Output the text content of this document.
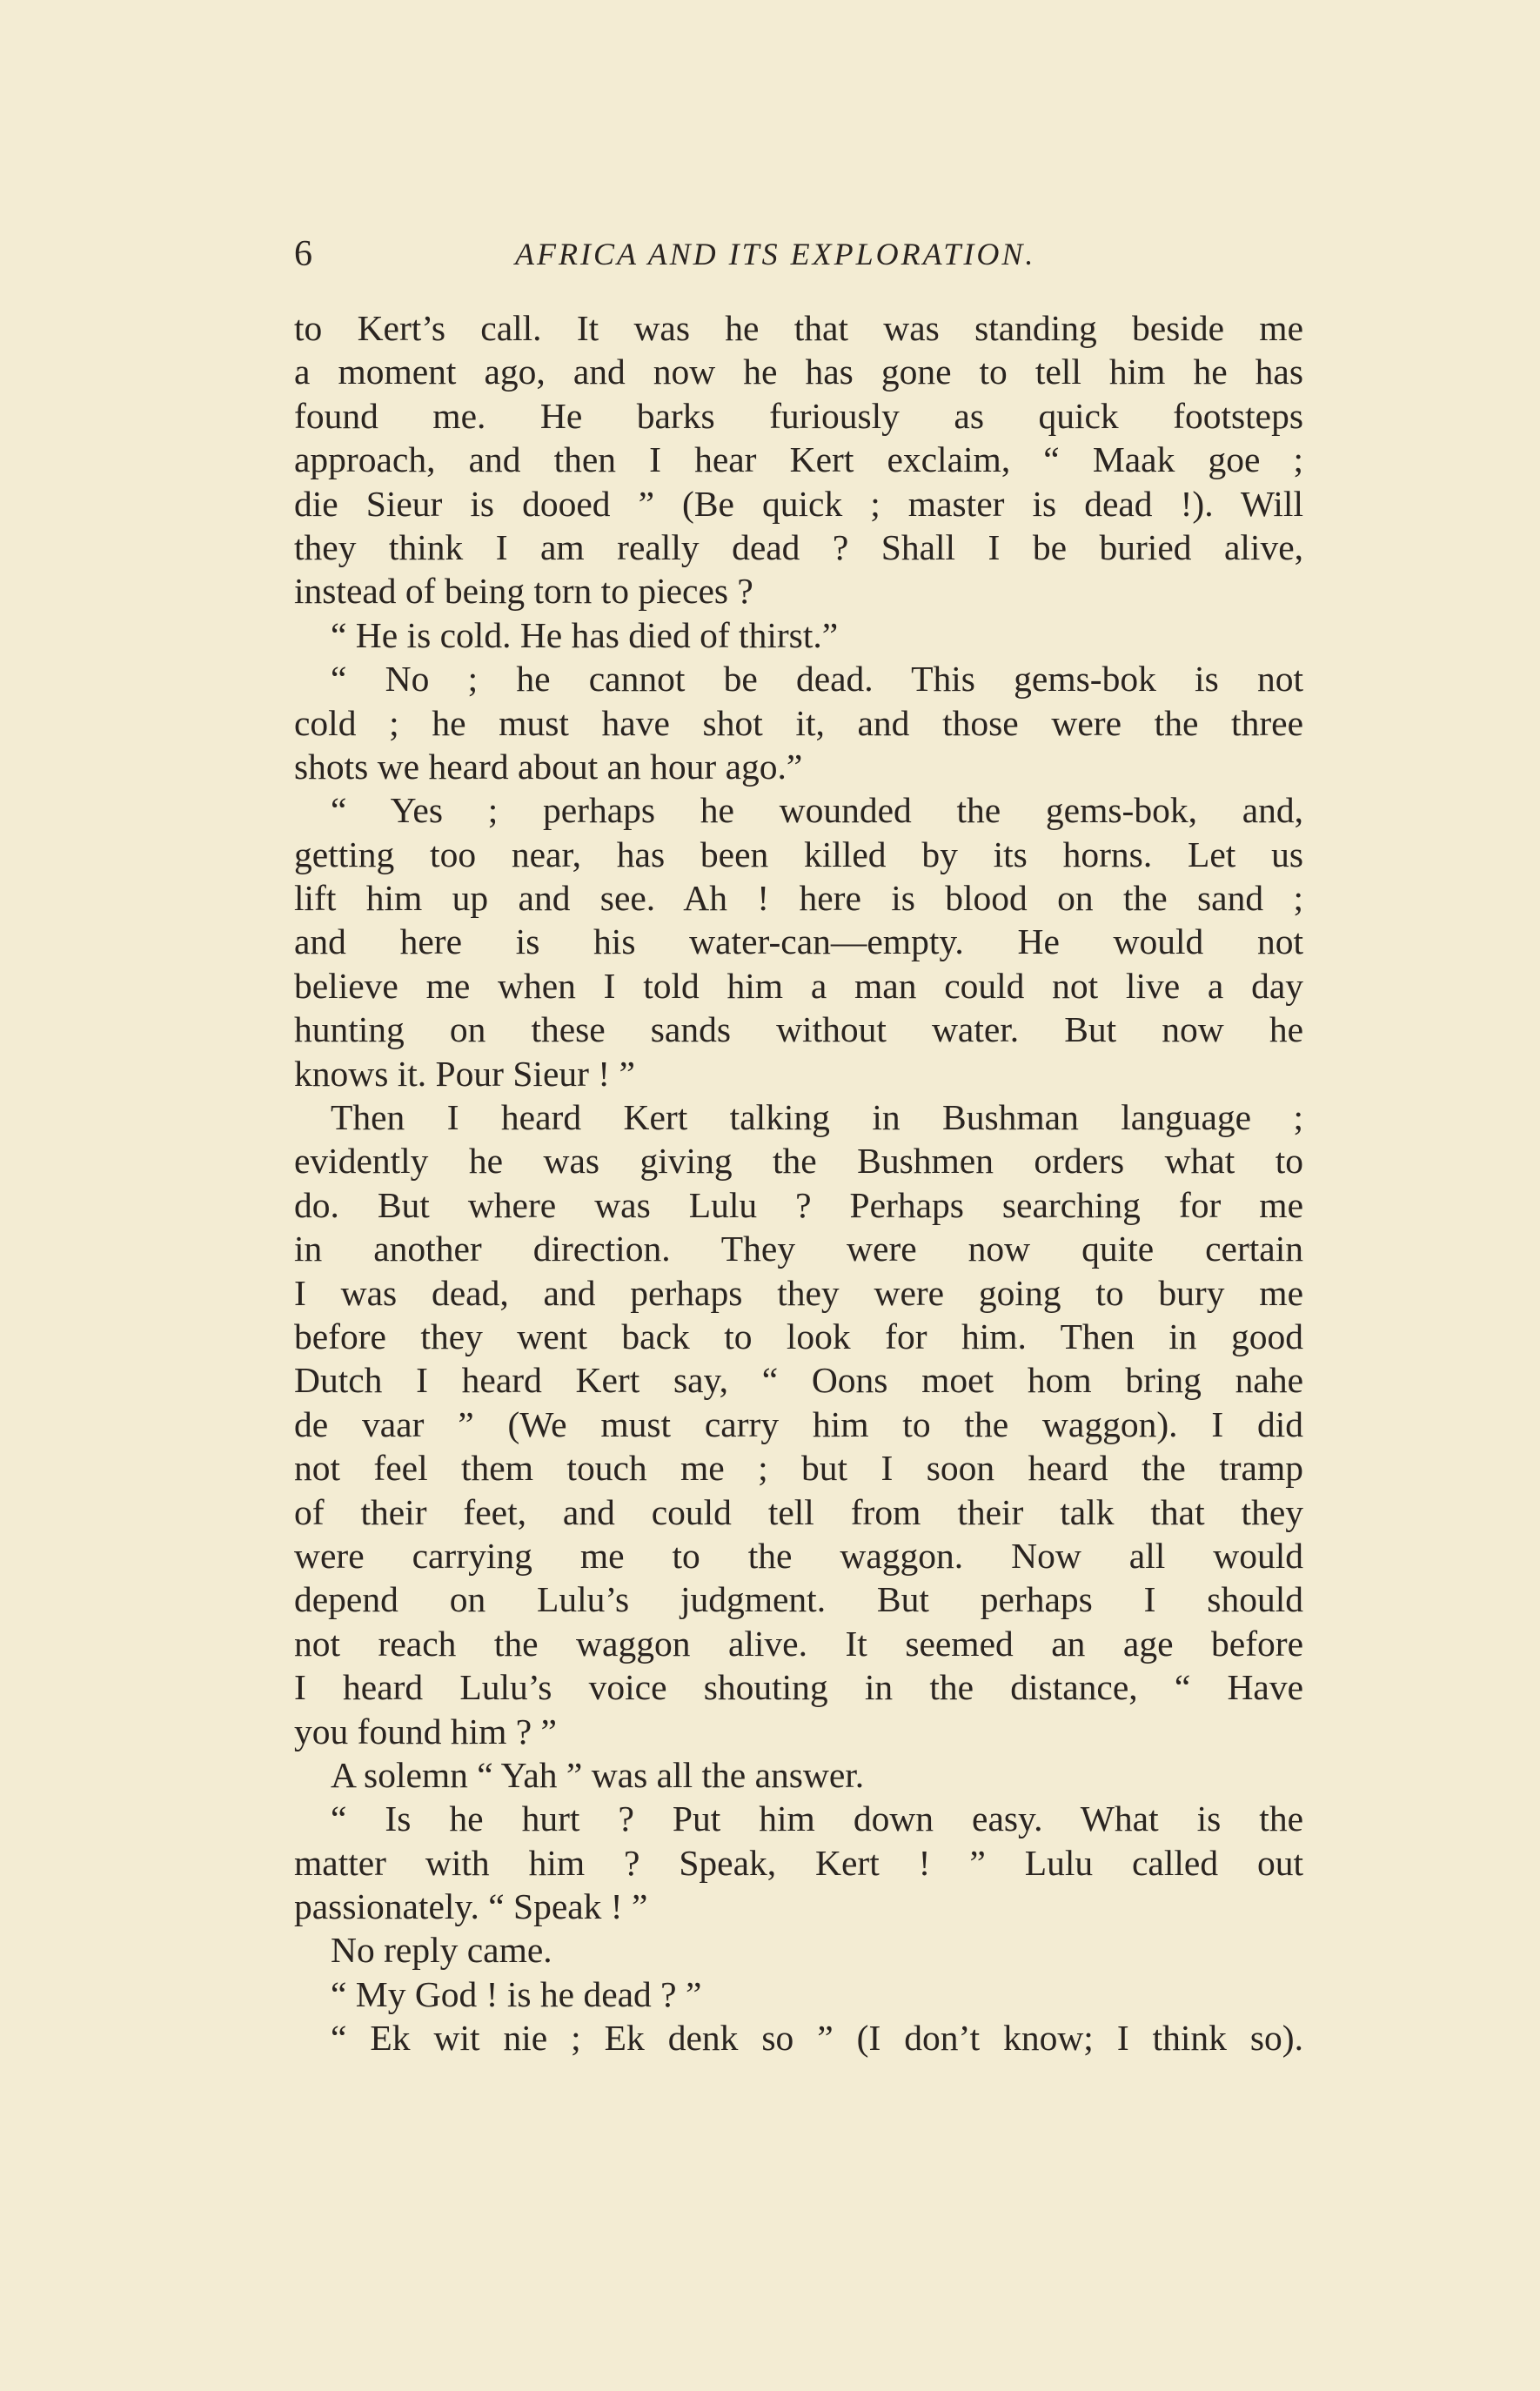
6	AFRICA AND ITS EXPLORATION.
to Kert’s call. It was he that was standing beside me
a moment ago, and now he has gone to tell him he has
found me. He barks furiously as quick footsteps
approach, and then I hear Kert exclaim, “ Maak goe ;
die Sieur is dooed ” (Be quick ; master is dead !). Will
they think I am really dead ? Shall I be buried alive,
instead of being torn to pieces ?
“ He is cold. He has died of thirst.”
“ No ; he cannot be dead. This gems-bok is not
cold ; he must have shot it, and those were the three
shots we heard about an hour ago.”
“ Yes ; perhaps he wounded the gems-bok, and,
getting too near, has been killed by its horns. Let us
lift him up and see. Ah ! here is blood on the sand ;
and here is his water-can—empty. He would not
believe me when I told him a man could not live a day
hunting on these sands without water. But now he
knows it. Pour Sieur ! ”
Then I heard Kert talking in Bushman language ;
evidently he was giving the Bushmen orders what to
do. But where was Lulu ? Perhaps searching for me
in another direction. They were now quite certain
I was dead, and perhaps they were going to bury me
before they went back to look for him. Then in good
Dutch I heard Kert say, “ Oons moet hom bring nahe
de vaar ” (We must carry him to the waggon). I did
not feel them touch me ; but I soon heard the tramp
of their feet, and could tell from their talk that they
were carrying me to the waggon. Now all would
depend on Lulu’s judgment. But perhaps I should
not reach the waggon alive. It seemed an age before
I heard Lulu’s voice shouting in the distance, “ Have
you found him ? ”
A solemn “ Yah ” was all the answer.
“ Is he hurt ? Put him down easy. What is the
matter with him ? Speak, Kert ! ” Lulu called out
passionately. “ Speak ! ”
No reply came.
“ My God ! is he dead ? ”
“ Ek wit nie ; Ek denk so ” (I don’t know; I think so).
